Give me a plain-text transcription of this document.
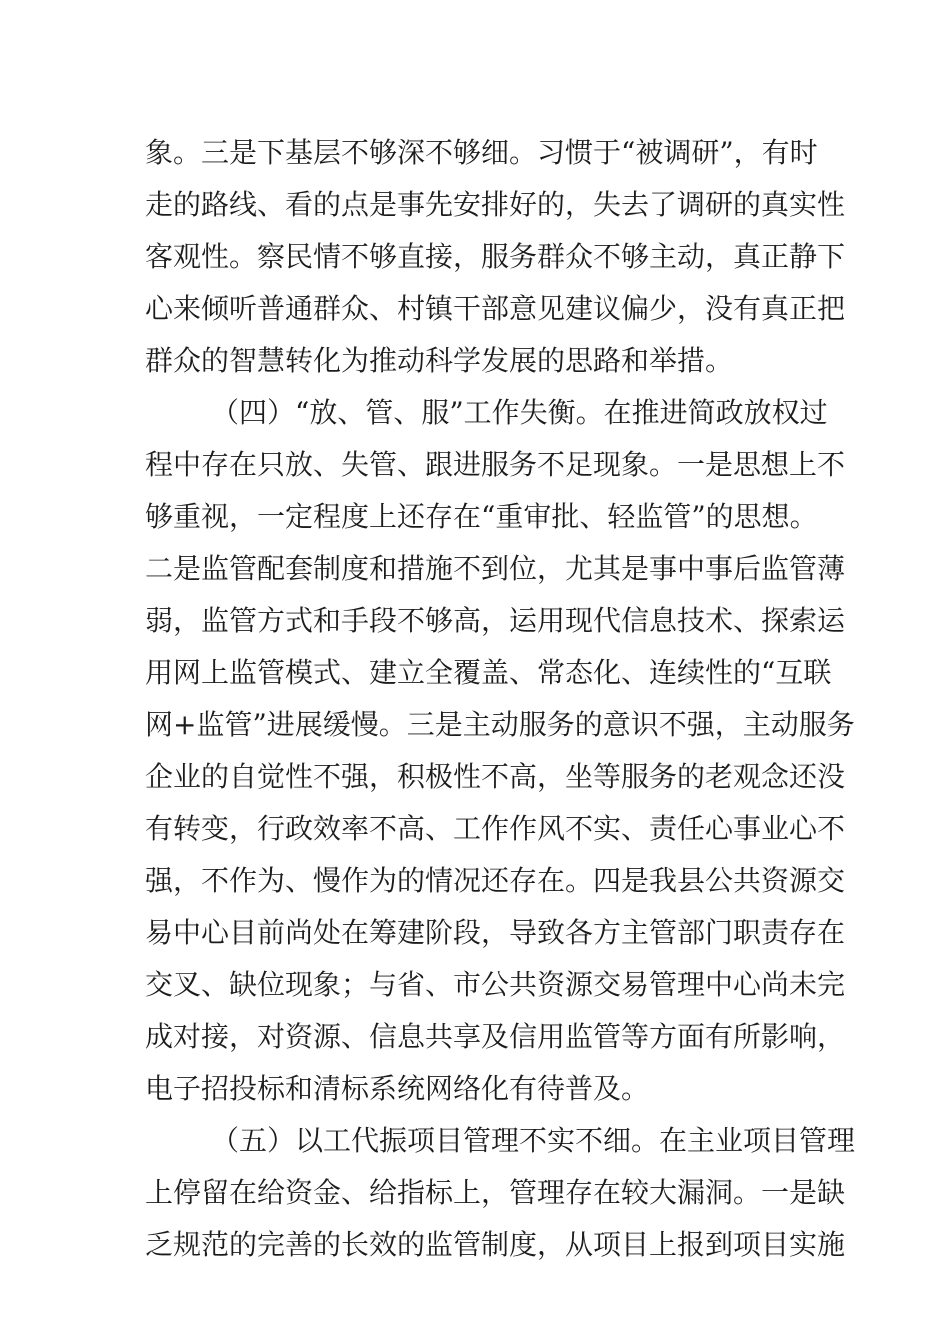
象。三是下基层不够深不够细。习惯于“被调研”，有时
走的路线、看的点是事先安排好的，失去了调研的真实性
客观性。察民情不够直接，服务群众不够主动，真正静下
心来倾听普通群众、村镇干部意见建议偏少，没有真正把
群众的智慧转化为推动科学发展的思路和举措。
（四）“放、管、服”工作失衡。在推进简政放权过
程中存在只放、失管、跟进服务不足现象。一是思想上不
够重视，一定程度上还存在“重审批、轻监管”的思想。
二是监管配套制度和措施不到位，尤其是事中事后监管薄
弱，监管方式和手段不够高，运用现代信息技术、探索运
用网上监管模式、建立全覆盖、常态化、连续性的“互联
网+监管”进展缓慢。三是主动服务的意识不强，主动服务
企业的自觉性不强，积极性不高，坐等服务的老观念还没
有转变，行政效率不高、工作作风不实、责任心事业心不
强，不作为、慢作为的情况还存在。四是我县公共资源交
易中心目前尚处在筹建阶段，导致各方主管部门职责存在
交叉、缺位现象；与省、市公共资源交易管理中心尚未完
成对接，对资源、信息共享及信用监管等方面有所影响，
电子招投标和清标系统网络化有待普及。
（五）以工代振项目管理不实不细。在主业项目管理
上停留在给资金、给指标上，管理存在较大漏洞。一是缺
乏规范的完善的长效的监管制度，从项目上报到项目实施
